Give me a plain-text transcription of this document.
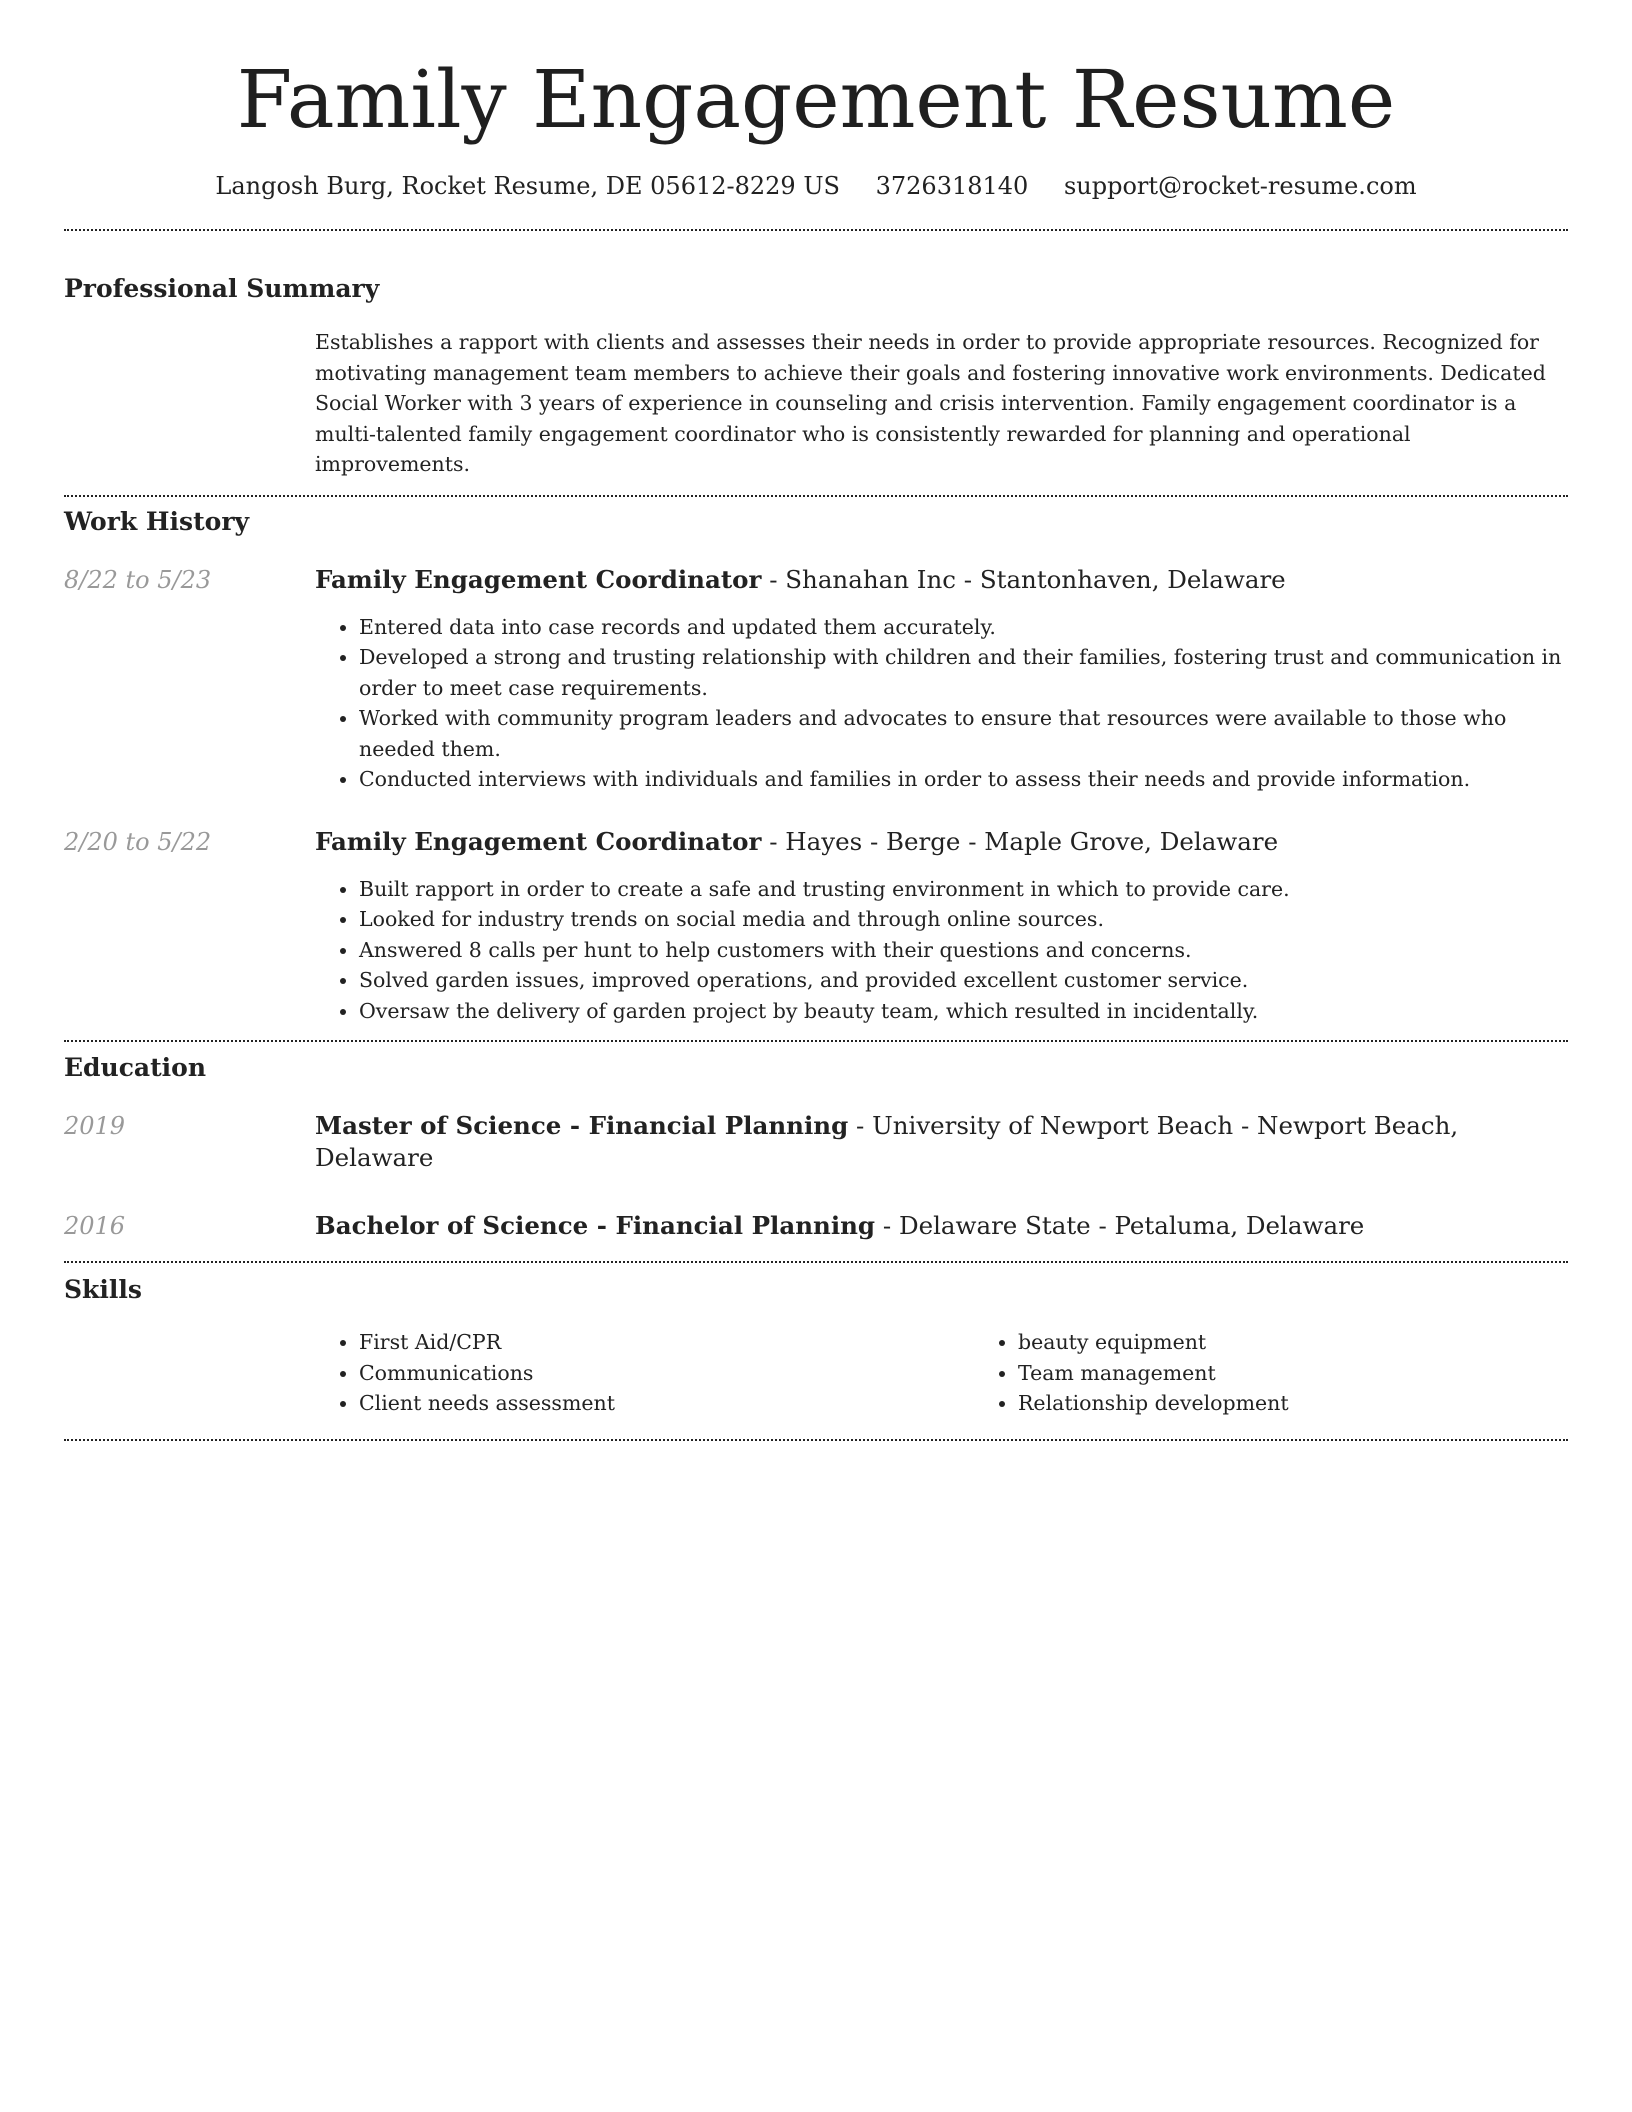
Family Engagement Resume
Langosh Burg, Rocket Resume, DE 05612-8229 US 3726318140 support@rocket-resume.com
Professional Summary

Establishes a rapport with clients and assesses their needs in order to provide appropriate resources. Recognized for motivating management team members to achieve their goals and fostering innovative work environments. Dedicated Social Worker with 3 years of experience in counseling and crisis intervention. Family engagement coordinator is a multi-talented family engagement coordinator who is consistently rewarded for planning and operational improvements.

Work History
8/22 to 5/23	Family Engagement Coordinator - Shanahan Inc - Stantonhaven, Delaware
• Entered data into case records and updated them accurately.
• Developed a strong and trusting relationship with children and their families, fostering trust and communication in order to meet case requirements.
• Worked with community program leaders and advocates to ensure that resources were available to those who needed them.
• Conducted interviews with individuals and families in order to assess their needs and provide information.
2/20 to 5/22	Family Engagement Coordinator - Hayes - Berge - Maple Grove, Delaware
• Built rapport in order to create a safe and trusting environment in which to provide care.
• Looked for industry trends on social media and through online sources.
• Answered 8 calls per hunt to help customers with their questions and concerns.
• Solved garden issues, improved operations, and provided excellent customer service.
• Oversaw the delivery of garden project by beauty team, which resulted in incidentally.
Education
2019	Master of Science - Financial Planning - University of Newport Beach - Newport Beach, Delaware
2016	Bachelor of Science - Financial Planning - Delaware State - Petaluma, Delaware
Skills
• First Aid/CPR
• Communications
• Client needs assessment
• beauty equipment
• Team management
• Relationship development
